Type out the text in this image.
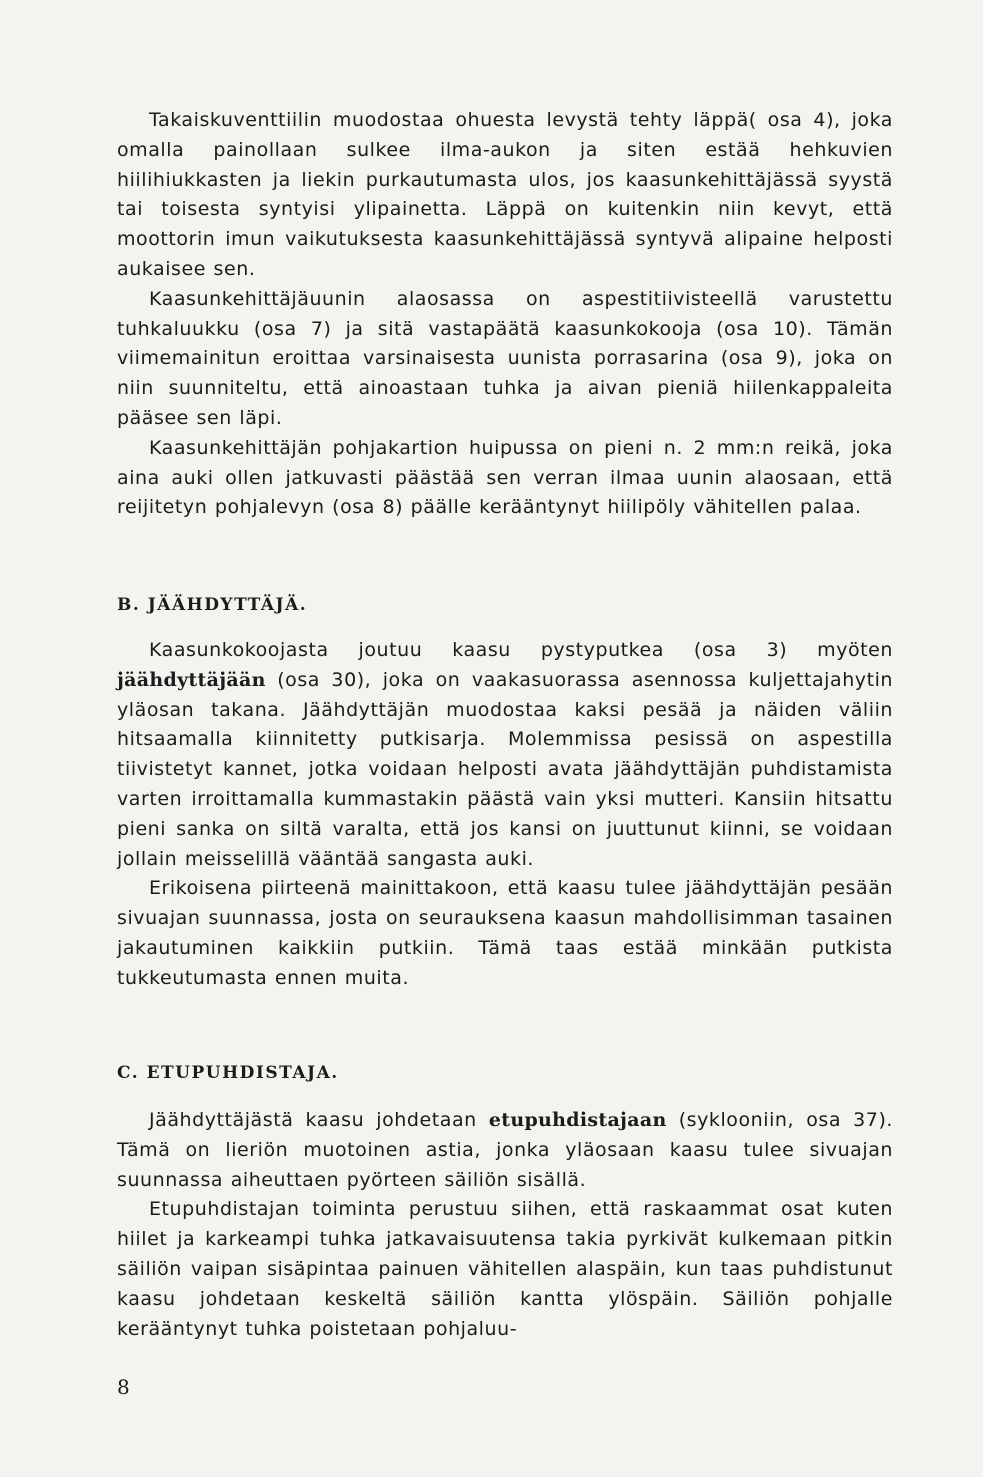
Takaiskuventtiilin muodostaa ohuesta levystä tehty läppä( osa 4), joka omalla painollaan sulkee ilma-aukon ja siten estää hehkuvien hiilihiukkasten ja liekin purkautumasta ulos, jos kaasunkehittäjässä syystä tai toisesta syntyisi ylipainetta. Läppä on kuitenkin niin kevyt, että moottorin imun vaikutuksesta kaasunkehittäjässä syntyvä alipaine helposti aukaisee sen.

Kaasunkehittäjäuunin alaosassa on aspestitiivisteellä varustettu tuhkaluukku (osa 7) ja sitä vastapäätä kaasunkokooja (osa 10). Tämän viimemainitun eroittaa varsinaisesta uunista porrasarina (osa 9), joka on niin suunniteltu, että ainoastaan tuhka ja aivan pieniä hiilenkappaleita pääsee sen läpi.

Kaasunkehittäjän pohjakartion huipussa on pieni n. 2 mm:n reikä, joka aina auki ollen jatkuvasti päästää sen verran ilmaa uunin alaosaan, että reijitetyn pohjalevyn (osa 8) päälle kerääntynyt hiilipöly vähitellen palaa.

B. JÄÄHDYTTÄJÄ.

Kaasunkokoojasta joutuu kaasu pystyputkea (osa 3) myöten jäähdyttäjään (osa 30), joka on vaakasuorassa asennossa kuljettajahytin yläosan takana. Jäähdyttäjän muodostaa kaksi pesää ja näiden väliin hitsaamalla kiinnitetty putkisarja. Molemmissa pesissä on aspestilla tiivistetyt kannet, jotka voidaan helposti avata jäähdyttäjän puhdistamista varten irroittamalla kummastakin päästä vain yksi mutteri. Kansiin hitsattu pieni sanka on siltä varalta, että jos kansi on juuttunut kiinni, se voidaan jollain meisselillä vääntää sangasta auki.

Erikoisena piirteenä mainittakoon, että kaasu tulee jäähdyttäjän pesään sivuajan suunnassa, josta on seurauksena kaasun mahdollisimman tasainen jakautuminen kaikkiin putkiin. Tämä taas estää minkään putkista tukkeutumasta ennen muita.

C. ETUPUHDISTAJA.

Jäähdyttäjästä kaasu johdetaan etupuhdistajaan (syklooniin, osa 37). Tämä on lieriön muotoinen astia, jonka yläosaan kaasu tulee sivuajan suunnassa aiheuttaen pyörteen säiliön sisällä.

Etupuhdistajan toiminta perustuu siihen, että raskaammat osat kuten hiilet ja karkeampi tuhka jatkavaisuutensa takia pyrkivät kulkemaan pitkin säiliön vaipan sisäpintaa painuen vähitellen alaspäin, kun taas puhdistunut kaasu johdetaan keskeltä säiliön kantta ylöspäin. Säiliön pohjalle kerääntynyt tuhka poistetaan pohjaluu-

8
